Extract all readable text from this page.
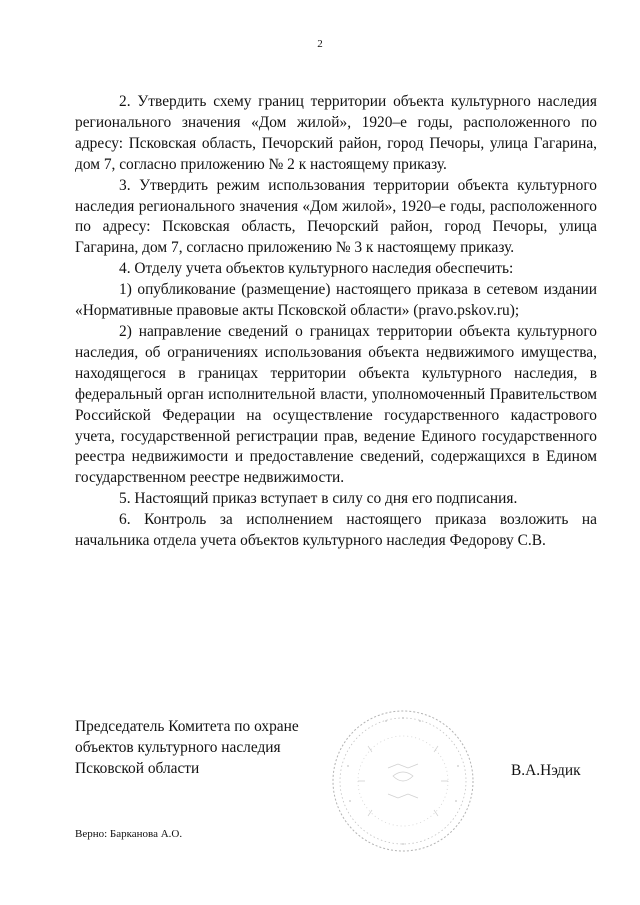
2

2. Утвердить схему границ территории объекта культурного наследия регионального значения «Дом жилой», 1920–е годы, расположенного по адресу: Псковская область, Печорский район, город Печоры, улица Гагарина, дом 7, согласно приложению № 2 к настоящему приказу.

3. Утвердить режим использования территории объекта культурного наследия регионального значения «Дом жилой», 1920–е годы, расположенного по адресу: Псковская область, Печорский район, город Печоры, улица Гагарина, дом 7, согласно приложению № 3 к настоящему приказу.

4. Отделу учета объектов культурного наследия обеспечить:

1) опубликование (размещение) настоящего приказа в сетевом издании «Нормативные правовые акты Псковской области» (pravo.pskov.ru);

2) направление сведений о границах территории объекта культурного наследия, об ограничениях использования объекта недвижимого имущества, находящегося в границах территории объекта культурного наследия, в федеральный орган исполнительной власти, уполномоченный Правительством Российской Федерации на осуществление государственного кадастрового учета, государственной регистрации прав, ведение Единого государственного реестра недвижимости и предоставление сведений, содержащихся в Едином государственном реестре недвижимости.

5. Настоящий приказ вступает в силу со дня его подписания.

6. Контроль за исполнением настоящего приказа возложить на начальника отдела учета объектов культурного наследия Федорову С.В.

Председатель Комитета по охране
объектов культурного наследия
Псковской области	В.А.Нэдик
Верно: Барканова А.О.
